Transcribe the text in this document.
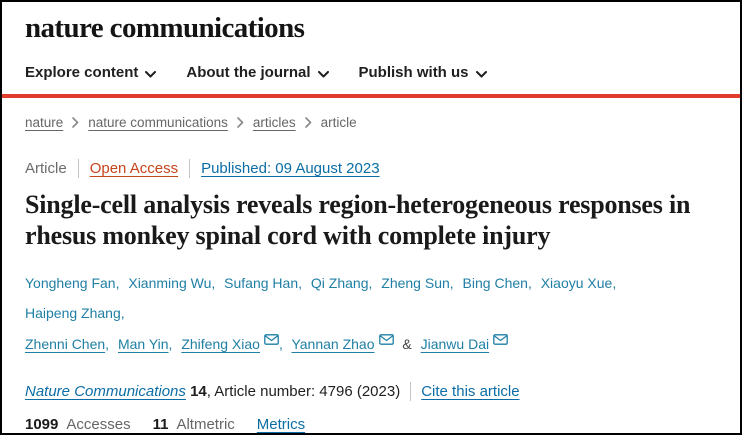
nature communications
Explore content	About the journal	Publish with us
nature nature communications articles article
Article Open Access Published: 09 August 2023
Single-cell analysis reveals region-heterogeneous responses in rhesus monkey spinal cord with complete injury
Yongheng Fan, Xianming Wu, Sufang Han, Qi Zhang, Zheng Sun, Bing Chen, Xiaoyu Xue, Haipeng Zhang,
Zhenni Chen, Man Yin, Zhifeng Xiao , Yannan Zhao & Jianwu Dai
Nature Communications 14, Article number: 4796 (2023) Cite this article
1099 Accesses 11 Altmetric Metrics
